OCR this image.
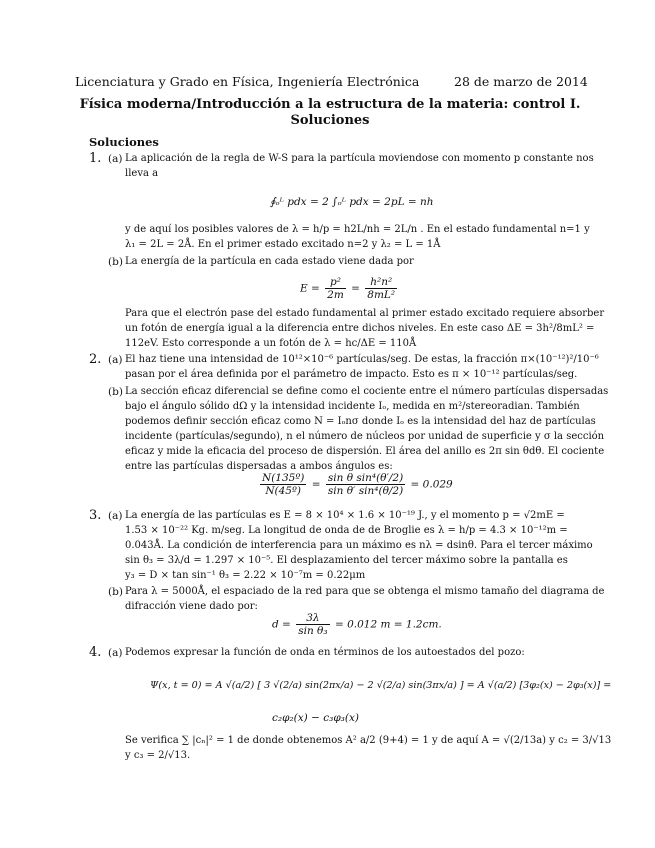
Licenciatura y Grado en Física, Ingeniería Electrónica	28 de marzo de 2014
Física moderna/Introducción a la estructura de la materia: control I.
Soluciones
Soluciones
1. (a) La aplicación de la regla de W-S para la partícula moviendose con momento p constante nos
lleva a
∮ₒᴸ pdx = 2 ∫ₒᴸ pdx = 2pL = nh
y de aquí los posibles valores de λ = h/p = h2L/nh = 2L/n . En el estado fundamental n=1 y
λ₁ = 2L = 2Å. En el primer estado excitado n=2 y λ₂ = L = 1Å
(b) La energía de la partícula en cada estado viene dada por
$E = \frac{\text{p²}}{2m} = \frac{\text{h²n²}}{\text{8mL²}}$
Para que el electrón pase del estado fundamental al primer estado excitado requiere absorber
un fotón de energía igual a la diferencia entre dichos niveles. En este caso ΔE = 3h²/8mL² =
112eV. Esto corresponde a un fotón de λ = hc/ΔE = 110Å
2. (a) El haz tiene una intensidad de 10¹²×10⁻⁶ partículas/seg. De estas, la fracción π×(10⁻¹²)²/10⁻⁶
pasan por el área definida por el parámetro de impacto. Esto es π × 10⁻¹² partículas/seg.
(b) La sección eficaz diferencial se define como el cociente entre el número partículas dispersadas
bajo el ángulo sólido dΩ y la intensidad incidente Iₒ, medida en m²/stereoradian. También
podemos definir sección eficaz como N = Iₒnσ donde Iₒ es la intensidad del haz de partículas
incidente (partículas/segundo), n el número de núcleos por unidad de superficie y σ la sección
eficaz y mide la eficacia del proceso de dispersión. El área del anillo es 2π sin θdθ. El cociente
entre las partículas dispersadas a ambos ángulos es:
$\frac{\text{N(135º)}}{\text{N(45º)}} = \frac{\text{sin θ sin⁴(θ′/2)}}{\text{sin θ′ sin⁴(θ/2)}} = 0.029$
3. (a) La energía de las partículas es E = 8 × 10⁴ × 1.6 × 10⁻¹⁹ J., y el momento p = √2mE =
1.53 × 10⁻²² Kg. m/seg. La longitud de onda de de Broglie es λ = h/p = 4.3 × 10⁻¹²m =
0.043Å. La condición de interferencia para un máximo es nλ = dsinθ. Para el tercer máximo
sin θ₃ = 3λ/d = 1.297 × 10⁻⁵. El desplazamiento del tercer máximo sobre la pantalla es
y₃ = D × tan sin⁻¹ θ₃ = 2.22 × 10⁻⁷m = 0.22μm
(b) Para λ = 5000Å, el espaciado de la red para que se obtenga el mismo tamaño del diagrama de
difracción viene dado por:
$d = \frac{3\lambda}{\text{sin θ₃}} = 0.012$ m = 1.2cm.
4. (a) Podemos expresar la función de onda en términos de los autoestados del pozo:
Ψ(x, t = 0) = A √(a/2) [ 3 √(2/a) sin(2πx/a) − 2 √(2/a) sin(3πx/a) ] = A √(a/2) [3φ₂(x) − 2φ₃(x)] =
c₂φ₂(x) − c₃φ₃(x)
Se verifica ∑ |cₙ|² = 1 de donde obtenemos A² a/2 (9+4) = 1 y de aquí A = √(2/13a) y c₂ = 3/√13
y c₃ = 2/√13.
